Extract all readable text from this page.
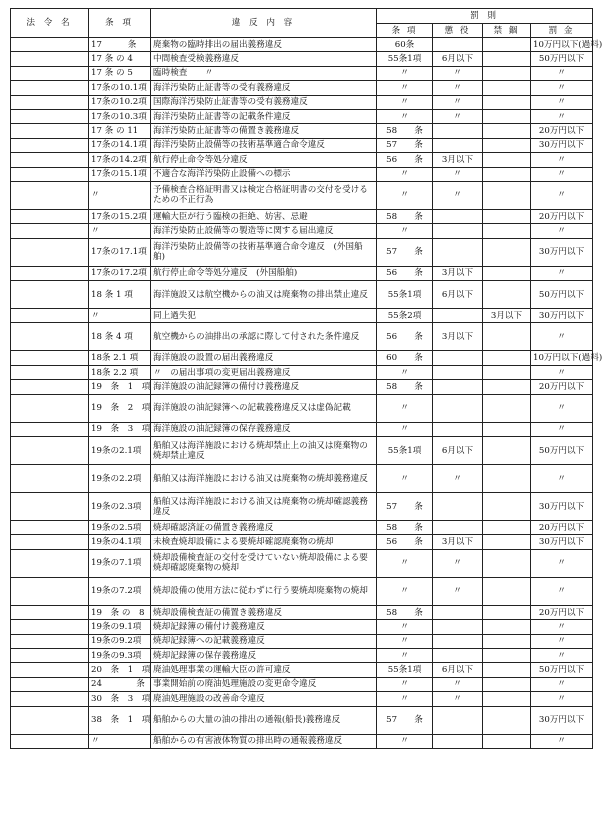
法 令 名	条 項	違 反 内 容	罰 則			
			条 項	懲 役	禁 錮	罰 金
	17　　　条	廃棄物の臨時排出の届出義務違反	60条			10万円以下(過料)
	17 条 の 4	中間検査受検義務違反	55条1項	6月以下		50万円以下
	17 条 の 5	臨時検査　　〃	〃	〃		〃
	17条の10.1項	海洋汚染防止証書等の受有義務違反	〃	〃		〃
	17条の10.2項	国際海洋汚染防止証書等の受有義務違反	〃	〃		〃
	17条の10.3項	海洋汚染防止証書等の記載条件違反	〃	〃		〃
	17 条 の 11	海洋汚染防止証書等の備置き義務違反	58　　条			20万円以下
	17条の14.1項	海洋汚染防止設備等の技術基準適合命令違反	57　　条			30万円以下
	17条の14.2項	航行停止命令等処分違反	56　　条	3月以下		〃
	17条の15.1項	不適合な海洋汚染防止設備への標示	〃	〃		〃
	〃	予備検査合格証明書又は検定合格証明書の交付を受けるための不正行為	〃	〃		〃
	17条の15.2項	運輸大臣が行う臨検の拒絶、妨害、忌避	58　　条			20万円以下
	〃	海洋汚染防止設備等の製造等に関する届出違反	〃			〃
	17条の17.1項	海洋汚染防止設備等の技術基準適合命令違反　(外国船舶)	57　　条			30万円以下
	17条の17.2項	航行停止命令等処分違反　(外国船舶)	56　　条	3月以下		〃
	18 条 1 項	海洋施設又は航空機からの油又は廃棄物の排出禁止違反	55条1項	6月以下		50万円以下
	〃	同上過失犯	55条2項		3月以下	30万円以下
	18 条 4 項	航空機からの油排出の承認に際して付された条件違反	56　　条	3月以下		〃
	18条 2.1 項	海洋施設の設置の届出義務違反	60　　条			10万円以下(過料)
	18条 2.2 項	〃　の届出事項の変更届出義務違反	〃			〃
	19　条　1　項	海洋施設の油記録簿の備付け義務違反	58　　条			20万円以下
	19　条　2　項	海洋施設の油記録簿への記載義務違反又は虚偽記載	〃			〃
	19　条　3　項	海洋施設の油記録簿の保存義務違反	〃			〃
	19条の2.1項	船舶又は海洋施設における焼却禁止上の油又は廃棄物の焼却禁止違反	55条1項	6月以下		50万円以下
	19条の2.2項	船舶又は海洋施設における油又は廃棄物の焼却義務違反	〃	〃		〃
	19条の2.3項	船舶又は海洋施設における油又は廃棄物の焼却確認義務違反	57　　条			30万円以下
	19条の2.5項	焼却確認済証の備置き義務違反	58　　条			20万円以下
	19条の4.1項	未検査焼却設備による要焼却確認廃棄物の焼却	56　　条	3月以下		30万円以下
	19条の7.1項	焼却設備検査証の交付を受けていない焼却設備による要焼却確認廃棄物の焼却	〃	〃		〃
	19条の7.2項	焼却設備の使用方法に従わずに行う要焼却廃棄物の焼却	〃	〃		〃
	19　条 の　8	焼却設備検査証の備置き義務違反	58　　条			20万円以下
	19条の9.1項	焼却記録簿の備付け義務違反	〃			〃
	19条の9.2項	焼却記録簿への記載義務違反	〃			〃
	19条の9.3項	焼却記録簿の保存義務違反	〃			〃
	20　条　1　項	廃油処理事業の運輸大臣の許可違反	55条1項	6月以下		50万円以下
	24　　　　条	事業開始前の廃油処理施設の変更命令違反	〃	〃		〃
	30　条　3　項	廃油処理施設の改善命令違反	〃	〃		〃
	38　条　1　項	船舶からの大量の油の排出の通報(船長)義務違反	57　　条			30万円以下
	〃	船舶からの有害液体物質の排出時の通報義務違反	〃			〃
